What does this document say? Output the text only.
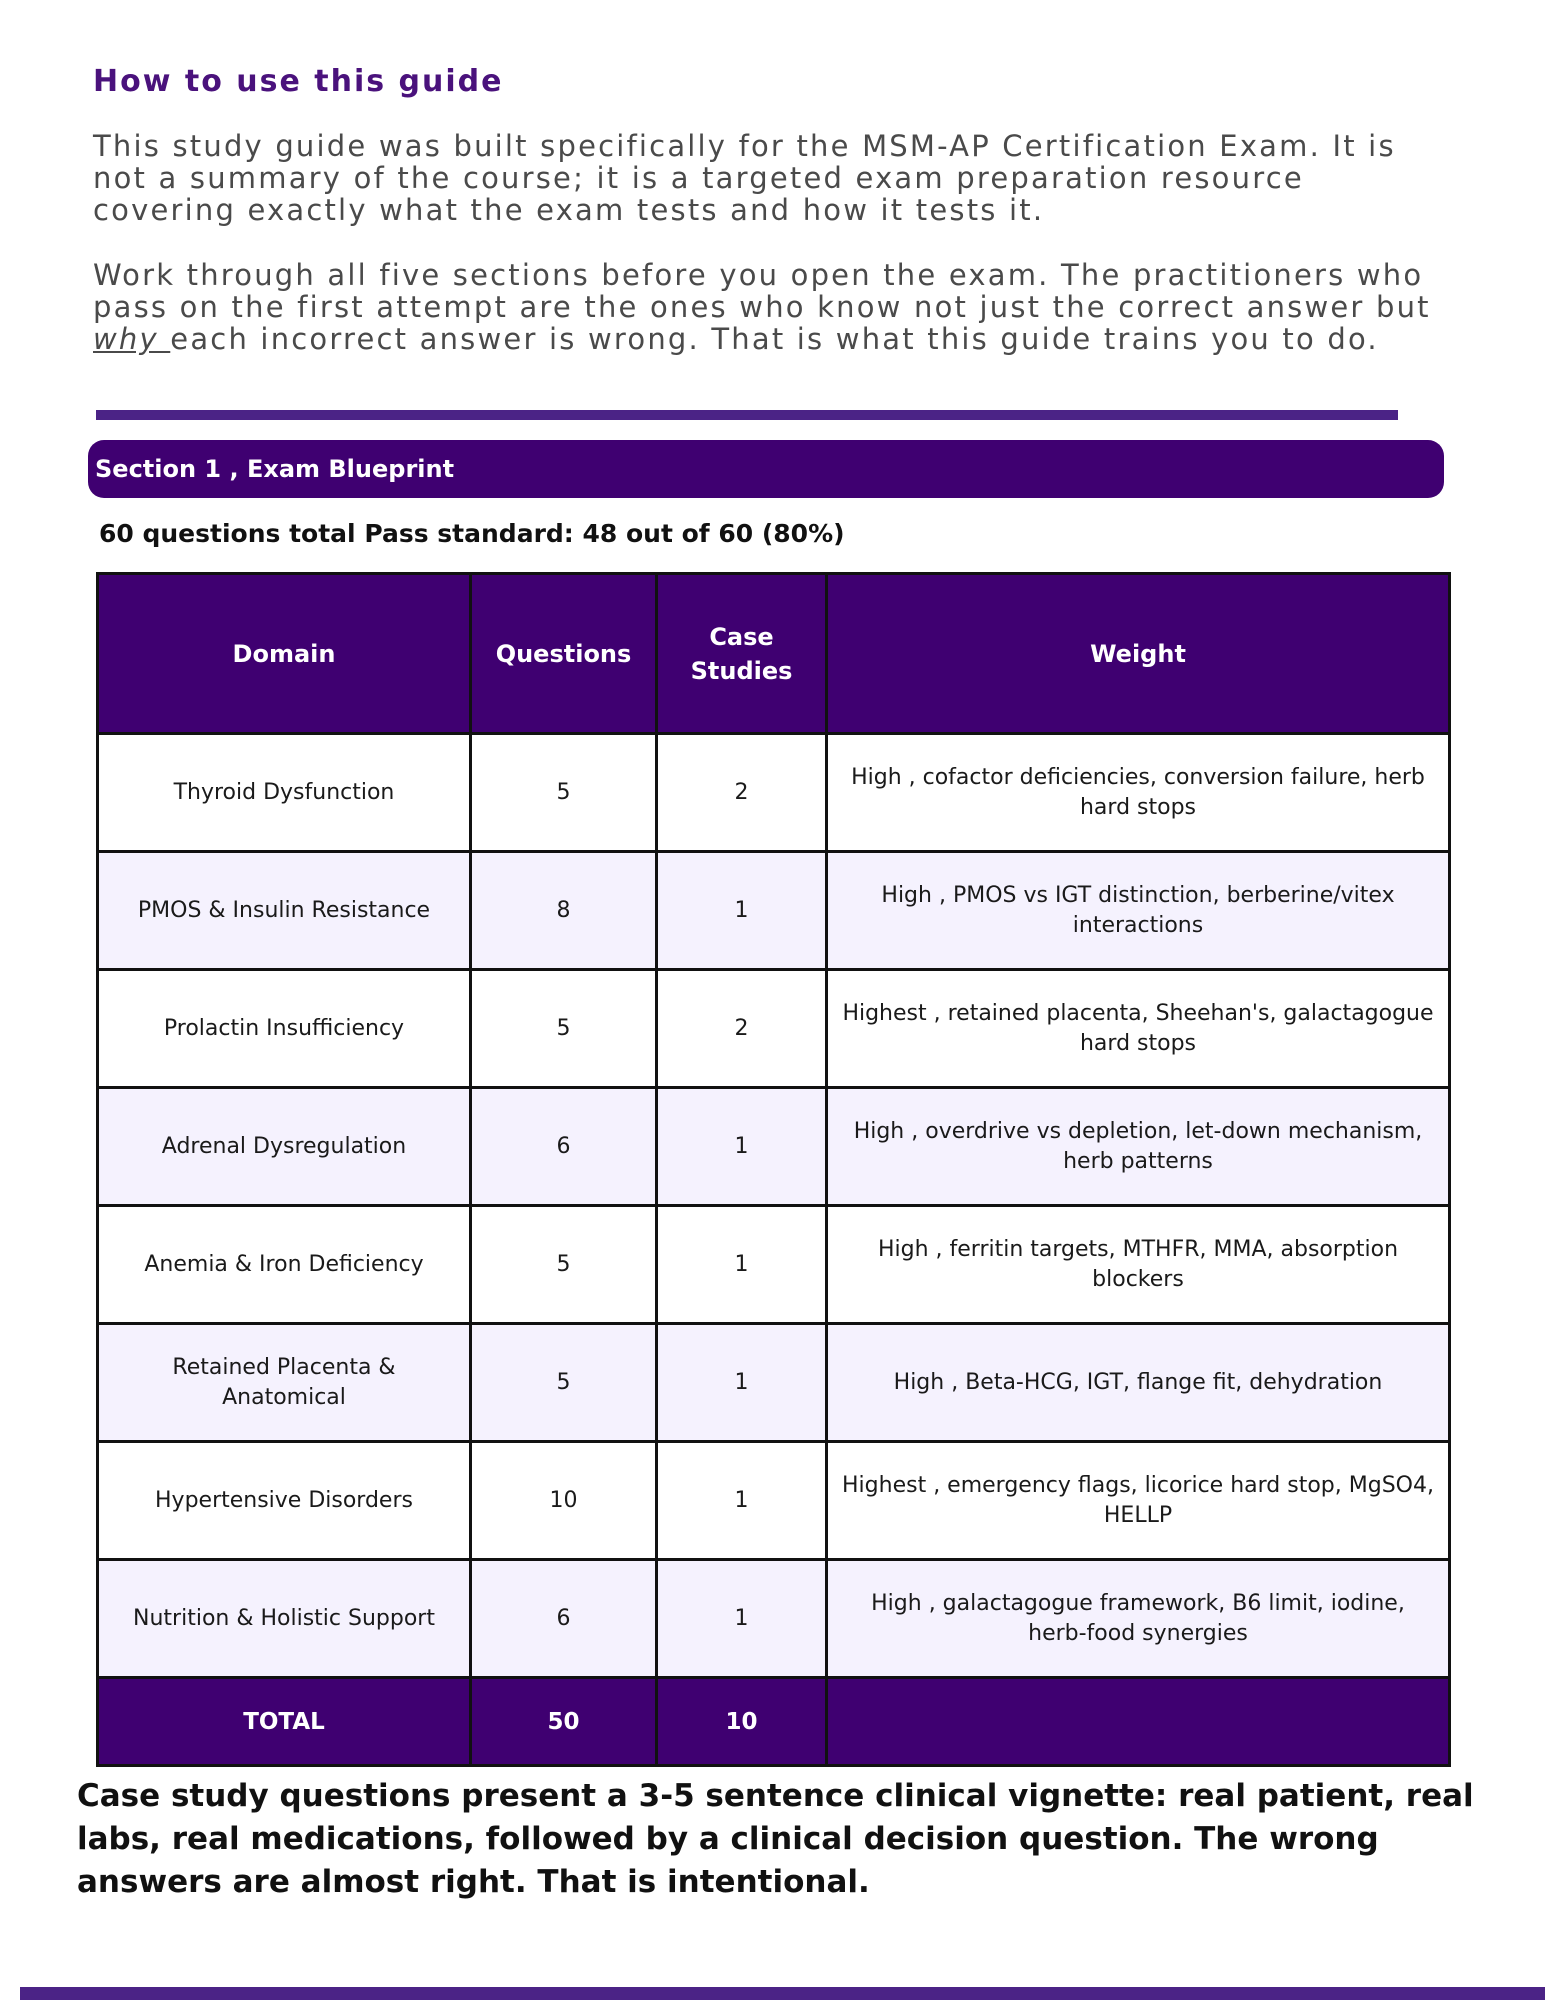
How to use this guide

This study guide was built specifically for the MSM-AP Certification Exam. It is not a summary of the course; it is a targeted exam preparation resource covering exactly what the exam tests and how it tests it.

Work through all five sections before you open the exam. The practitioners who pass on the first attempt are the ones who know not just the correct answer but why each incorrect answer is wrong. That is what this guide trains you to do.

Section 1 , Exam Blueprint

60 questions total Pass standard: 48 out of 60 (80%)

Domain	Questions	Case Studies	Weight
Thyroid Dysfunction	5	2	High , cofactor deficiencies, conversion failure, herb hard stops
PMOS & Insulin Resistance	8	1	High , PMOS vs IGT distinction, berberine/vitex interactions
Prolactin Insufficiency	5	2	Highest , retained placenta, Sheehan's, galactagogue hard stops
Adrenal Dysregulation	6	1	High , overdrive vs depletion, let-down mechanism, herb patterns
Anemia & Iron Deficiency	5	1	High , ferritin targets, MTHFR, MMA, absorption blockers
Retained Placenta & Anatomical	5	1	High , Beta-HCG, IGT, flange fit, dehydration
Hypertensive Disorders	10	1	Highest , emergency flags, licorice hard stop, MgSO4, HELLP
Nutrition & Holistic Support	6	1	High , galactagogue framework, B6 limit, iodine, herb-food synergies
TOTAL	50	10	

Case study questions present a 3-5 sentence clinical vignette: real patient, real labs, real medications, followed by a clinical decision question. The wrong answers are almost right. That is intentional.
